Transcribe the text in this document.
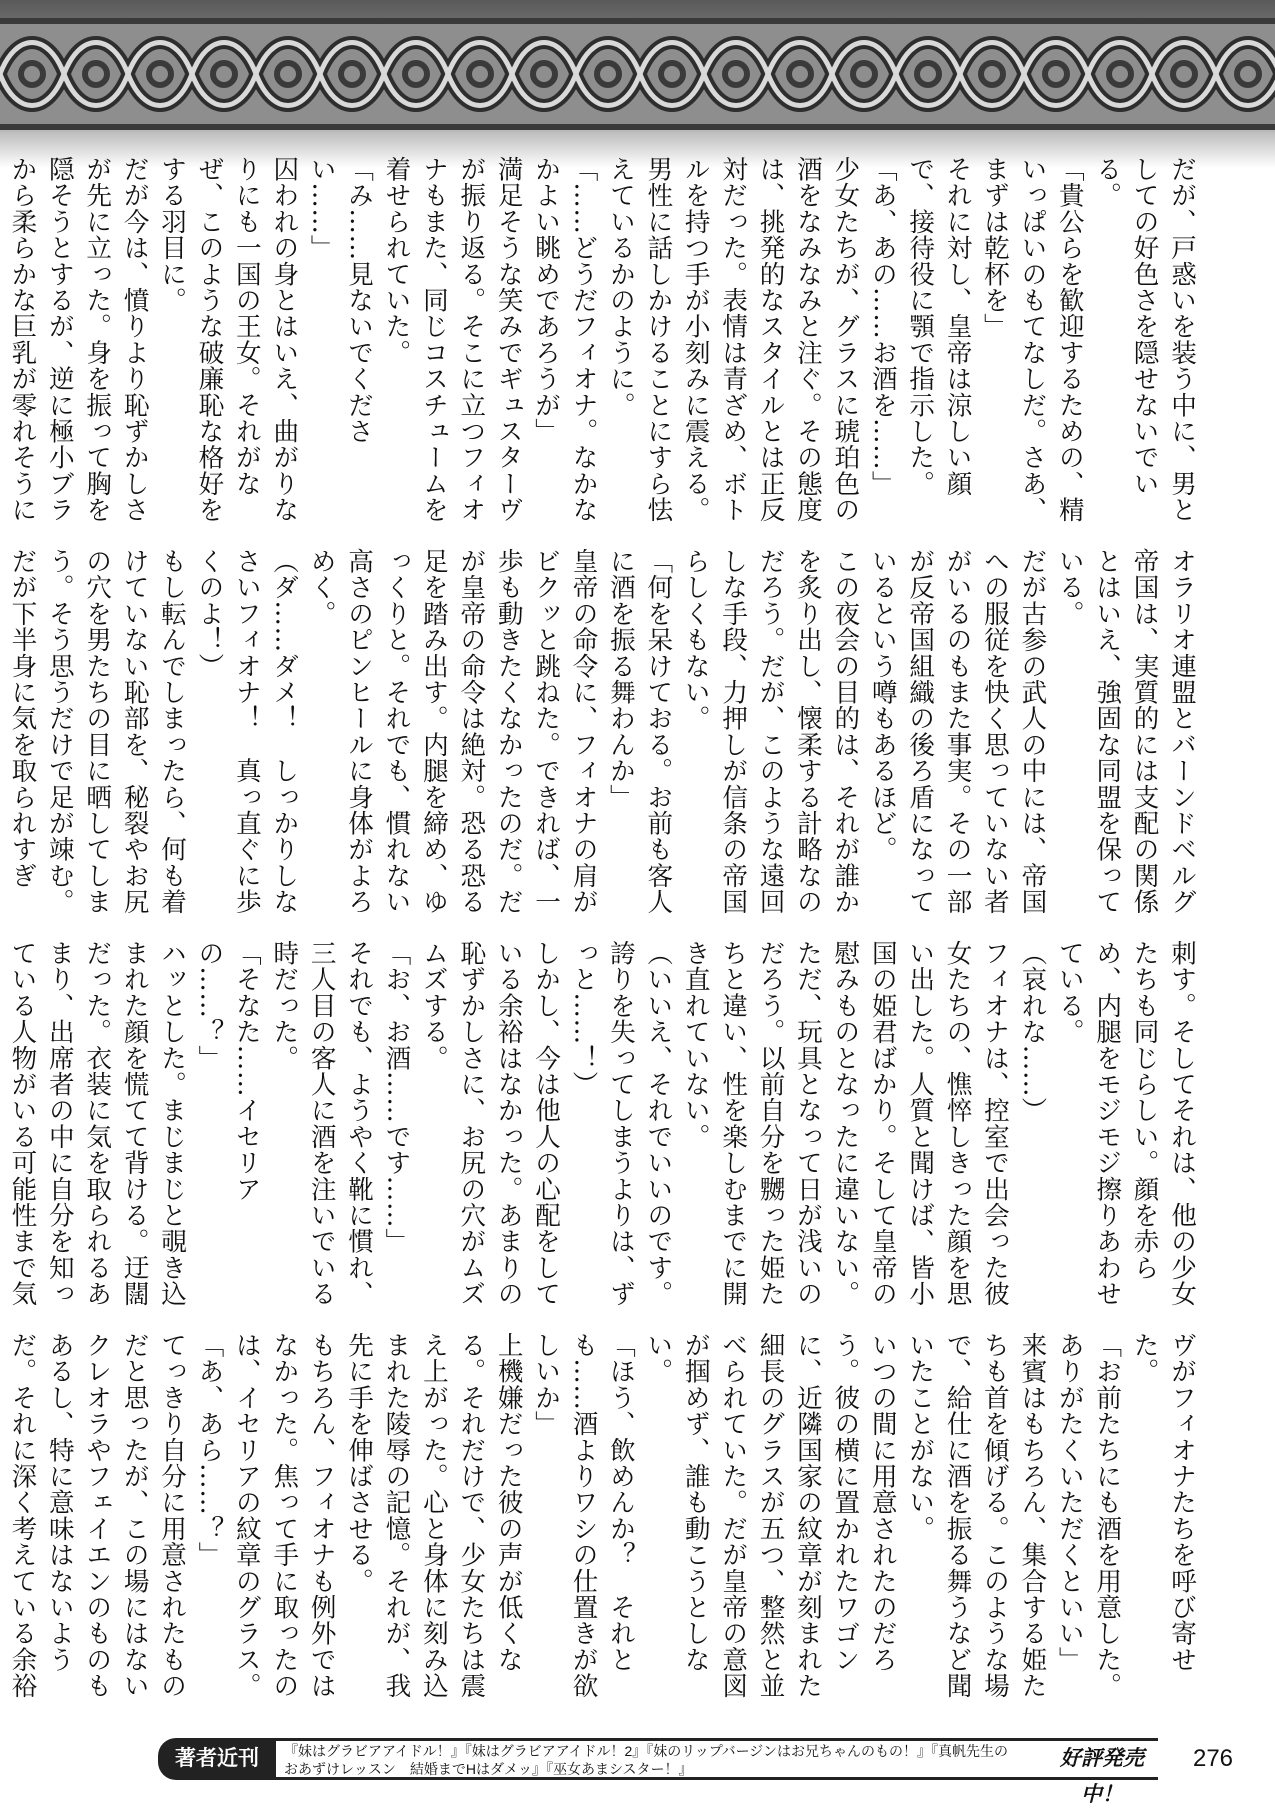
だが、戸惑いを装う中に、男としての好色さを隠せないでいる。

「貴公らを歓迎するための、精いっぱいのもてなしだ。さあ、まずは乾杯を」

それに対し、皇帝は涼しい顔で、接待役に顎で指示した。

「あ、あの……お酒を……」

少女たちが、グラスに琥珀色の酒をなみなみと注ぐ。その態度は、挑発的なスタイルとは正反対だった。表情は青ざめ、ボトルを持つ手が小刻みに震える。男性に話しかけることにすら怯えているかのように。

「……どうだフィオナ。なかなかよい眺めであろうが」

満足そうな笑みでギュスターヴが振り返る。そこに立つフィオナもまた、同じコスチュームを着せられていた。

「み……見ないでください……」

囚われの身とはいえ、曲がりなりにも一国の王女。それがなぜ、このような破廉恥な格好をする羽目に。

だが今は、憤りより恥ずかしさが先に立った。身を振って胸を隠そうとするが、逆に極小ブラから柔らかな巨乳が零れそうに

オラリオ連盟とバーンドベルグ帝国は、実質的には支配の関係とはいえ、強固な同盟を保っている。

だが古参の武人の中には、帝国への服従を快く思っていない者がいるのもまた事実。その一部が反帝国組織の後ろ盾になっているという噂もあるほど。

この夜会の目的は、それが誰かを炙り出し、懐柔する計略なのだろう。だが、このような遠回しな手段、力押しが信条の帝国らしくもない。

「何を呆けておる。お前も客人に酒を振る舞わんか」

皇帝の命令に、フィオナの肩がビクッと跳ねた。できれば、一歩も動きたくなかったのだ。だが皇帝の命令は絶対。恐る恐る足を踏み出す。内腿を締め、ゆっくりと。それでも、慣れない高さのピンヒールに身体がよろめく。

（ダ……ダメ！　しっかりしなさいフィオナ！　真っ直ぐに歩くのよ！）

もし転んでしまったら、何も着けていない恥部を、秘裂やお尻の穴を男たちの目に晒してしまう。そう思うだけで足が竦む。

だが下半身に気を取られすぎ

刺す。そしてそれは、他の少女たちも同じらしい。顔を赤らめ、内腿をモジモジ擦りあわせている。

（哀れな……）

フィオナは、控室で出会った彼女たちの、憔悴しきった顔を思い出した。人質と聞けば、皆小国の姫君ばかり。そして皇帝の慰みものとなったに違いない。

ただ、玩具となって日が浅いのだろう。以前自分を嬲った姫たちと違い、性を楽しむまでに開き直れていない。

（いいえ、それでいいのです。誇りを失ってしまうよりは、ずっと……！）

しかし、今は他人の心配をしている余裕はなかった。あまりの恥ずかしさに、お尻の穴がムズムズする。

「お、お酒……です……」

それでも、ようやく靴に慣れ、三人目の客人に酒を注いでいる時だった。

「そなた……イセリアの……？」

ハッとした。まじまじと覗き込まれた顔を慌てて背ける。迂闊だった。衣装に気を取られるあまり、出席者の中に自分を知っている人物がいる可能性まで気

ヴがフィオナたちを呼び寄せた。

「お前たちにも酒を用意した。ありがたくいただくといい」

来賓はもちろん、集合する姫たちも首を傾げる。このような場で、給仕に酒を振る舞うなど聞いたことがない。

いつの間に用意されたのだろう。彼の横に置かれたワゴンに、近隣国家の紋章が刻まれた細長のグラスが五つ、整然と並べられていた。だが皇帝の意図が掴めず、誰も動こうとしない。

「ほう、飲めんか？　それとも……酒よりワシの仕置きが欲しいか」

上機嫌だった彼の声が低くなる。それだけで、少女たちは震え上がった。心と身体に刻み込まれた陵辱の記憶。それが、我先に手を伸ばさせる。

もちろん、フィオナも例外ではなかった。焦って手に取ったのは、イセリアの紋章のグラス。

「あ、あら……？」

てっきり自分に用意されたものだと思ったが、この場にはないクレオラやフェイエンのものもあるし、特に意味はないようだ。それに深く考えている余裕

著者近刊	『妹はグラビアアイドル！』『妹はグラビアアイドル！2』『妹のリップバージンはお兄ちゃんのもの！』『真帆先生の
おあずけレッスン　結婚までHはダメッ』『巫女あまシスター！』	好評発売中！
276
